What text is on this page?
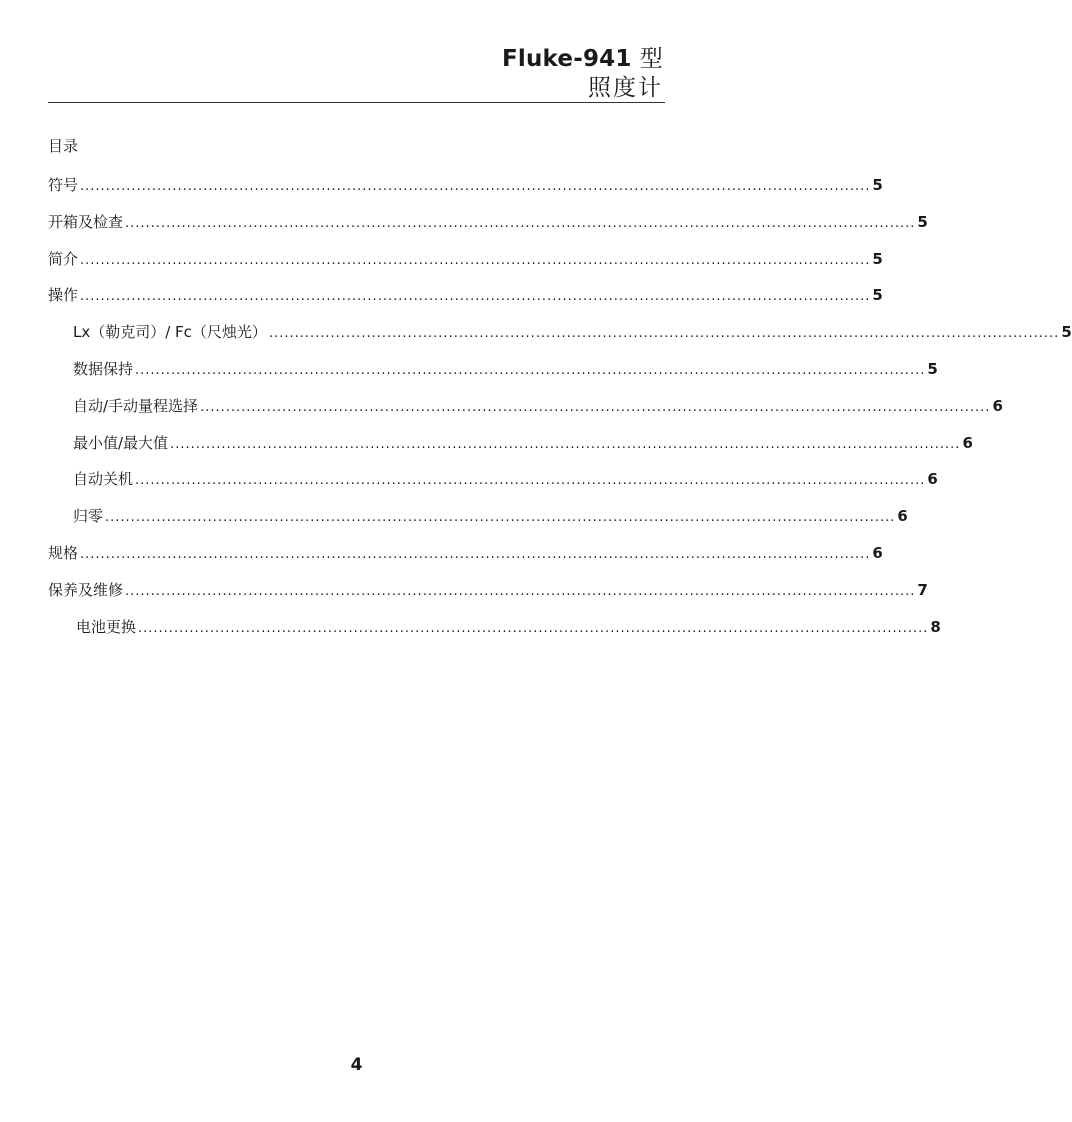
Fluke-941 型
照度计
目录
符号 .......................................................................................................................................................... 5
开箱及检查 .......................................................................................................................................................... 5
简介 .......................................................................................................................................................... 5
操作 .......................................................................................................................................................... 5
Lx（勒克司）/ Fc（尺烛光） .......................................................................................................................................................... 5
数据保持 .......................................................................................................................................................... 5
自动/手动量程选择 .......................................................................................................................................................... 6
最小值/最大值 .......................................................................................................................................................... 6
自动关机 .......................................................................................................................................................... 6
归零 .......................................................................................................................................................... 6
规格 .......................................................................................................................................................... 6
保养及维修 .......................................................................................................................................................... 7
电池更换 .......................................................................................................................................................... 8
4
